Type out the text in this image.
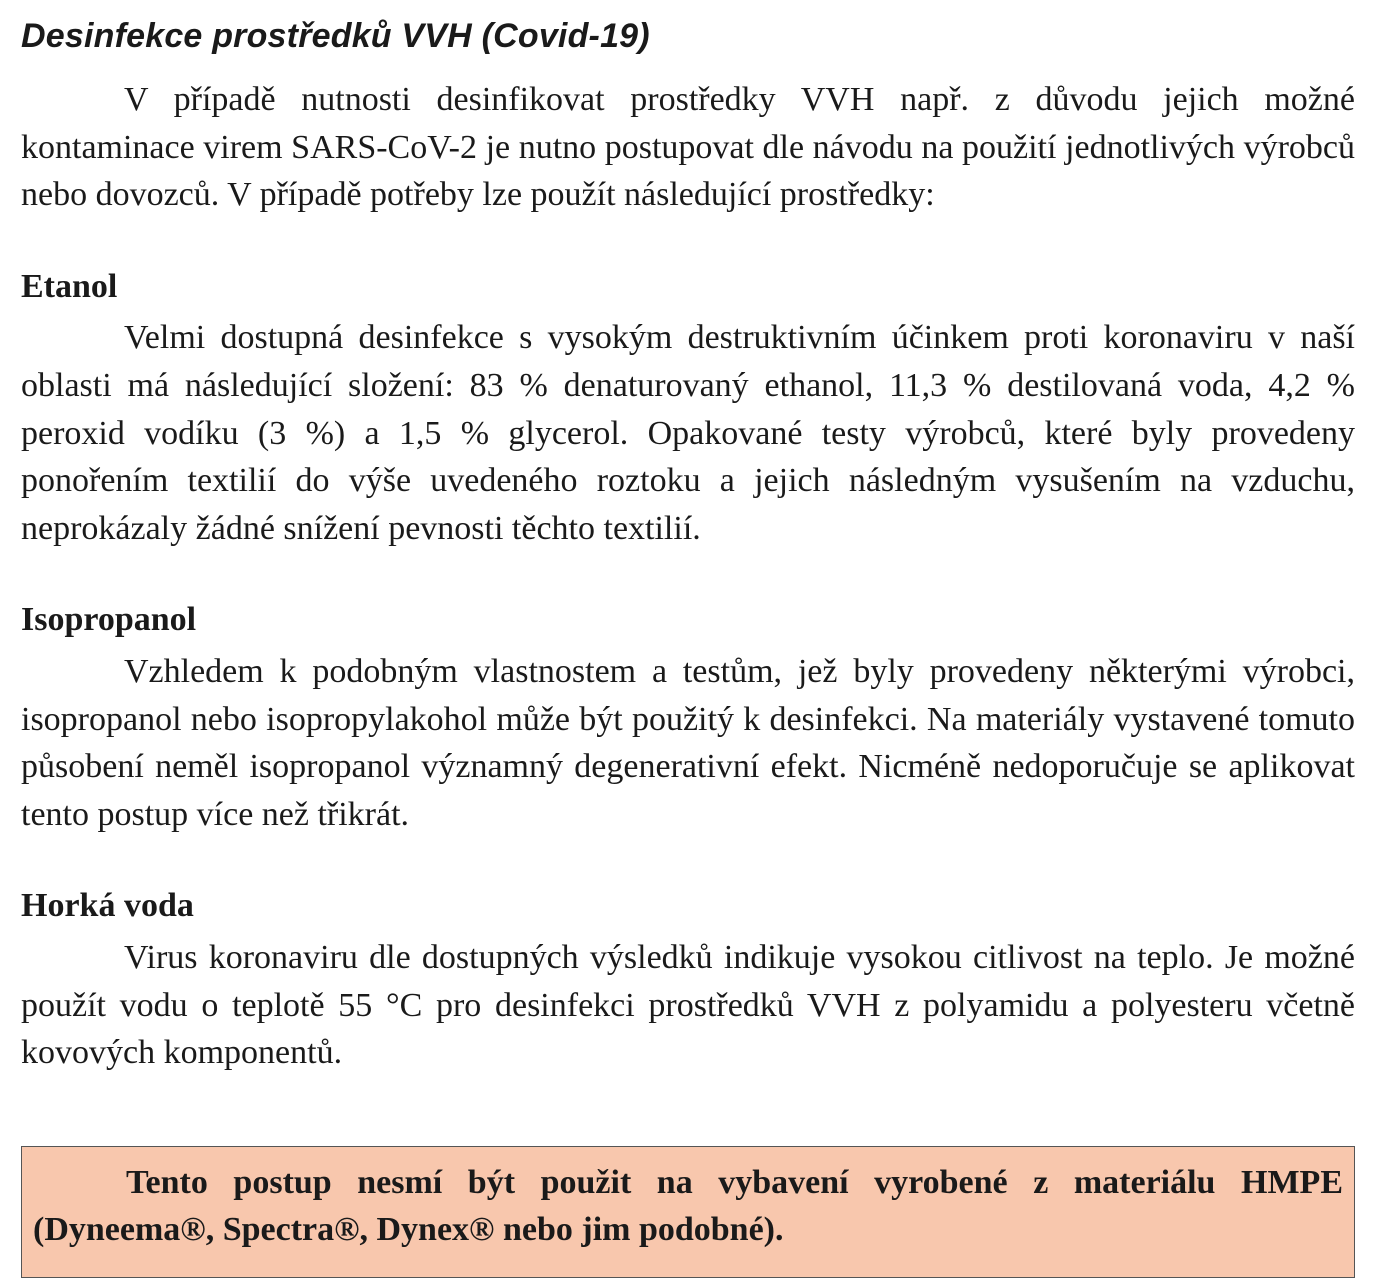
Desinfekce prostředků VVH (Covid-19)

V případě nutnosti desinfikovat prostředky VVH např. z důvodu jejich možné kontaminace virem SARS-CoV-2 je nutno postupovat dle návodu na použití jednotlivých výrobců nebo dovozců. V případě potřeby lze použít následující prostředky:

Etanol

Velmi dostupná desinfekce s vysokým destruktivním účinkem proti koronaviru v naší oblasti má následující složení: 83 % denaturovaný ethanol, 11,3 % destilovaná voda, 4,2 % peroxid vodíku (3 %) a 1,5 % glycerol. Opakované testy výrobců, které byly provedeny ponořením textilií do výše uvedeného roztoku a jejich následným vysušením na vzduchu, neprokázaly žádné snížení pevnosti těchto textilií.

Isopropanol

Vzhledem k podobným vlastnostem a testům, jež byly provedeny některými výrobci, isopropanol nebo isopropylakohol může být použitý k desinfekci. Na materiály vystavené tomuto působení neměl isopropanol významný degenerativní efekt. Nicméně nedoporučuje se aplikovat tento postup více než třikrát.

Horká voda

Virus koronaviru dle dostupných výsledků indikuje vysokou citlivost na teplo. Je možné použít vodu o teplotě 55 °C pro desinfekci prostředků VVH z polyamidu a polyesteru včetně kovových komponentů.

Tento postup nesmí být použit na vybavení vyrobené z materiálu HMPE (Dyneema®, Spectra®, Dynex® nebo jim podobné).
